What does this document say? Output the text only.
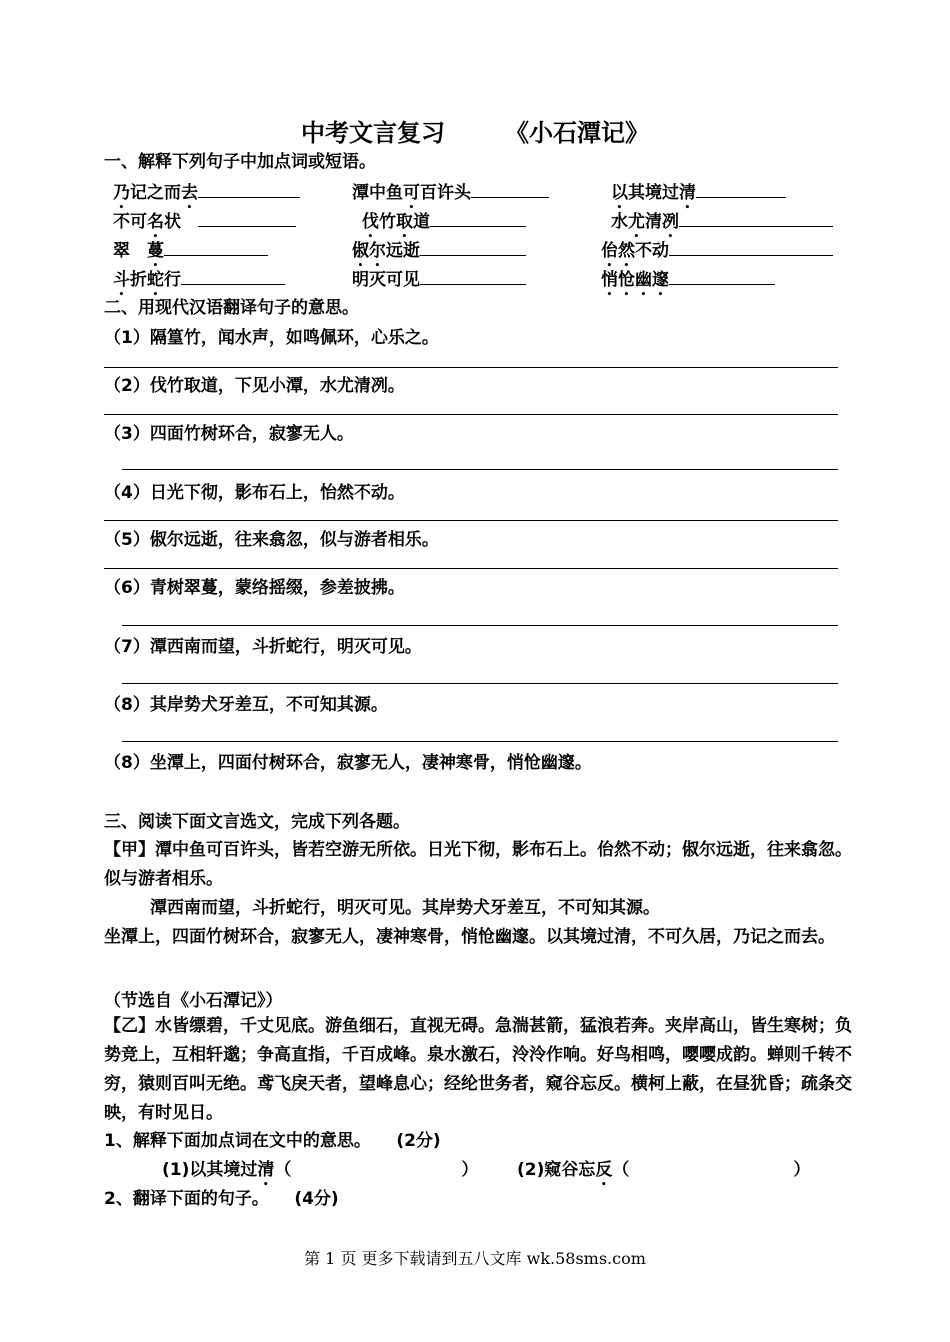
中考文言复习	《小石潭记》
一、解释下列句子中加点词或短语。
乃记之而去	潭中鱼可百许头	以其境过清
不可名状　	伐竹取道	水尤清冽
翠　蔓	俶尔远逝	佁然不动
斗折蛇行	明灭可见	悄怆幽邃
二、用现代汉语翻译句子的意思。
（1）隔篁竹，闻水声，如鸣佩环，心乐之。
（2）伐竹取道，下见小潭，水尤清冽。
（3）四面竹树环合，寂寥无人。
（4）日光下彻，影布石上，怡然不动。
（5）俶尔远逝，往来翕忽，似与游者相乐。
（6）青树翠蔓，蒙络摇缀，参差披拂。
（7）潭西南而望，斗折蛇行，明灭可见。
（8）其岸势犬牙差互，不可知其源。
（8）坐潭上，四面付树环合，寂寥无人，凄神寒骨，悄怆幽邃。
三、阅读下面文言选文，完成下列各题。
【甲】潭中鱼可百许头，皆若空游无所依。日光下彻，影布石上。佁然不动；俶尔远逝，往来翕忽。似与游者相乐。
潭西南而望，斗折蛇行，明灭可见。其岸势犬牙差互，不可知其源。
坐潭上，四面竹树环合，寂寥无人，凄神寒骨，悄怆幽邃。以其境过清，不可久居，乃记之而去。
（节选自《小石潭记》）
【乙】水皆缥碧，千丈见底。游鱼细石，直视无碍。急湍甚箭，猛浪若奔。夹岸高山，皆生寒树；负势竞上，互相轩邈；争高直指，千百成峰。泉水激石，泠泠作响。好鸟相鸣，嘤嘤成韵。蝉则千转不穷，猿则百叫无绝。鸢飞戾天者，望峰息心；经纶世务者，窥谷忘反。横柯上蔽，在昼犹昏；疏条交映，有时见日。
1、解释下面加点词在文中的意思。　　(2分)
(1)以其境过清（	） (2)窥谷忘反（	）
2、翻译下面的句子。　　(4分)
第 1 页 更多下载请到五八文库 wk.58sms.com
